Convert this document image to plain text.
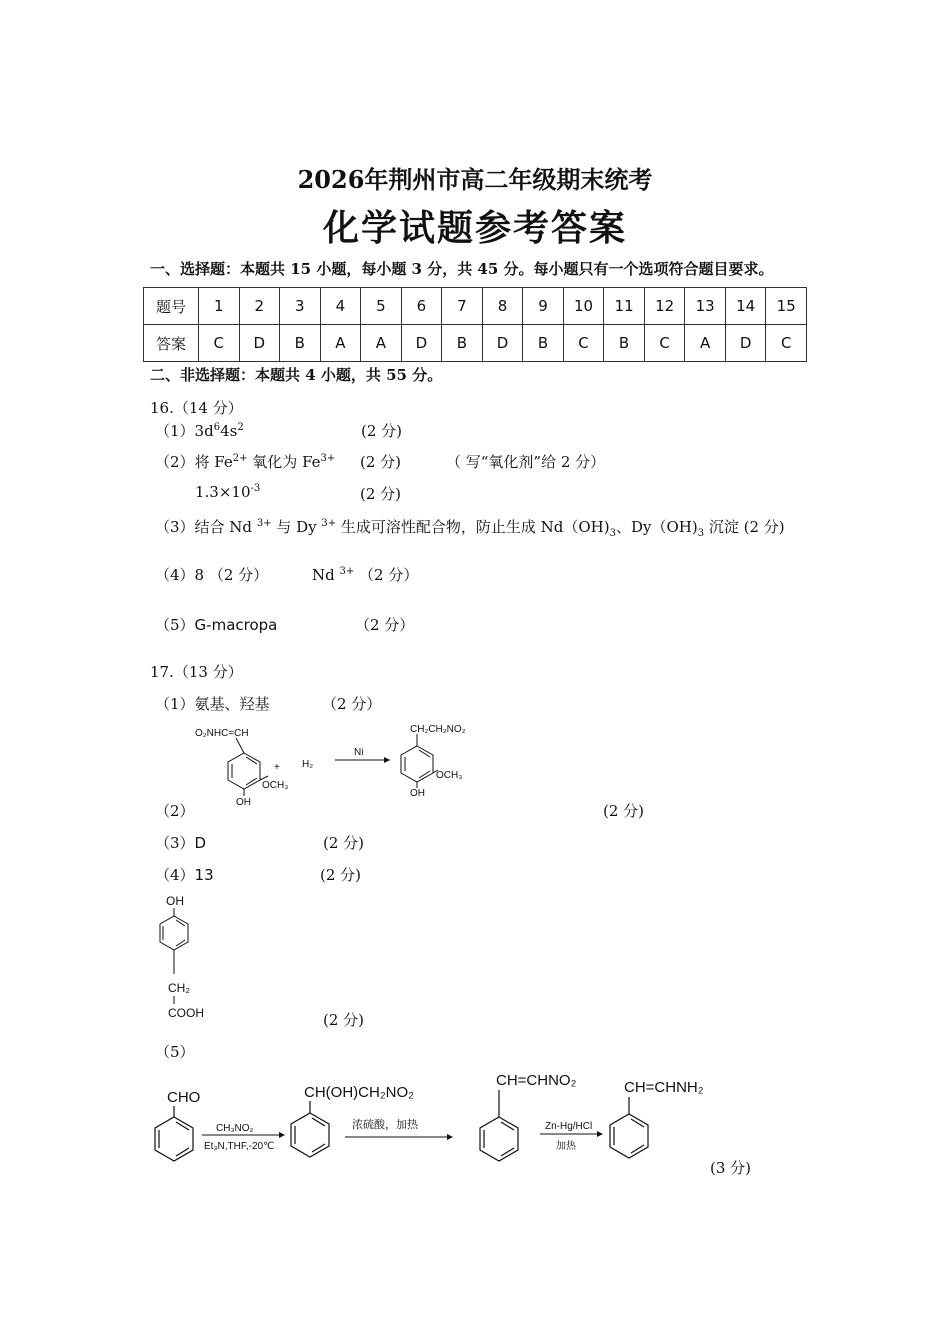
2026年荆州市高二年级期末统考
化学试题参考答案
一、选择题：本题共 15 小题，每小题 3 分，共 45 分。每小题只有一个选项符合题目要求。
题号	1	2	3	4	5	6	7	8	9	10	11	12	13	14	15
答案	C	D	B	A	A	D	B	D	B	C	B	C	A	D	C
二、非选择题：本题共 4 小题，共 55 分。
16.（14 分）
$(1)3d^64s^2$	(2 分)
（2）将 $Fe^{2+}$ 氧化为 $Fe^{3+}$ (2 分)	（ 写“氧化剂”给 2 分）
$1.3\times 10^{-3}$	(2 分)
（3）结合 Nd $^{3+}$ 与 Dy $^{3+}$ 生成可溶性配合物，防止生成 $Nd(OH)_3$、$Dy(OH)_3$ 沉淀 (2 分)
（4）8 （2 分）	Nd $^{3+}$ （2 分）
（5）G-macropa	（2 分）
17.（13 分）
（1）氨基、羟基	（2 分）
O₂NHC=CH
OCH₃
OH
+ H₂
Ni
CH₂CH₂NO₂
OCH₃
OH
（2）	(2 分)
（3）D	(2 分)
（4）13	(2 分)
OH
CH₂
COOH	(2 分)
（5）
CHO
CH₃NO₂
Et₃N,THF,-20℃
CH(OH)CH₂NO₂
浓硫酸，加热
CH=CHNO₂
Zn-Hg/HCl
加热
CH=CHNH₂
(3 分)
